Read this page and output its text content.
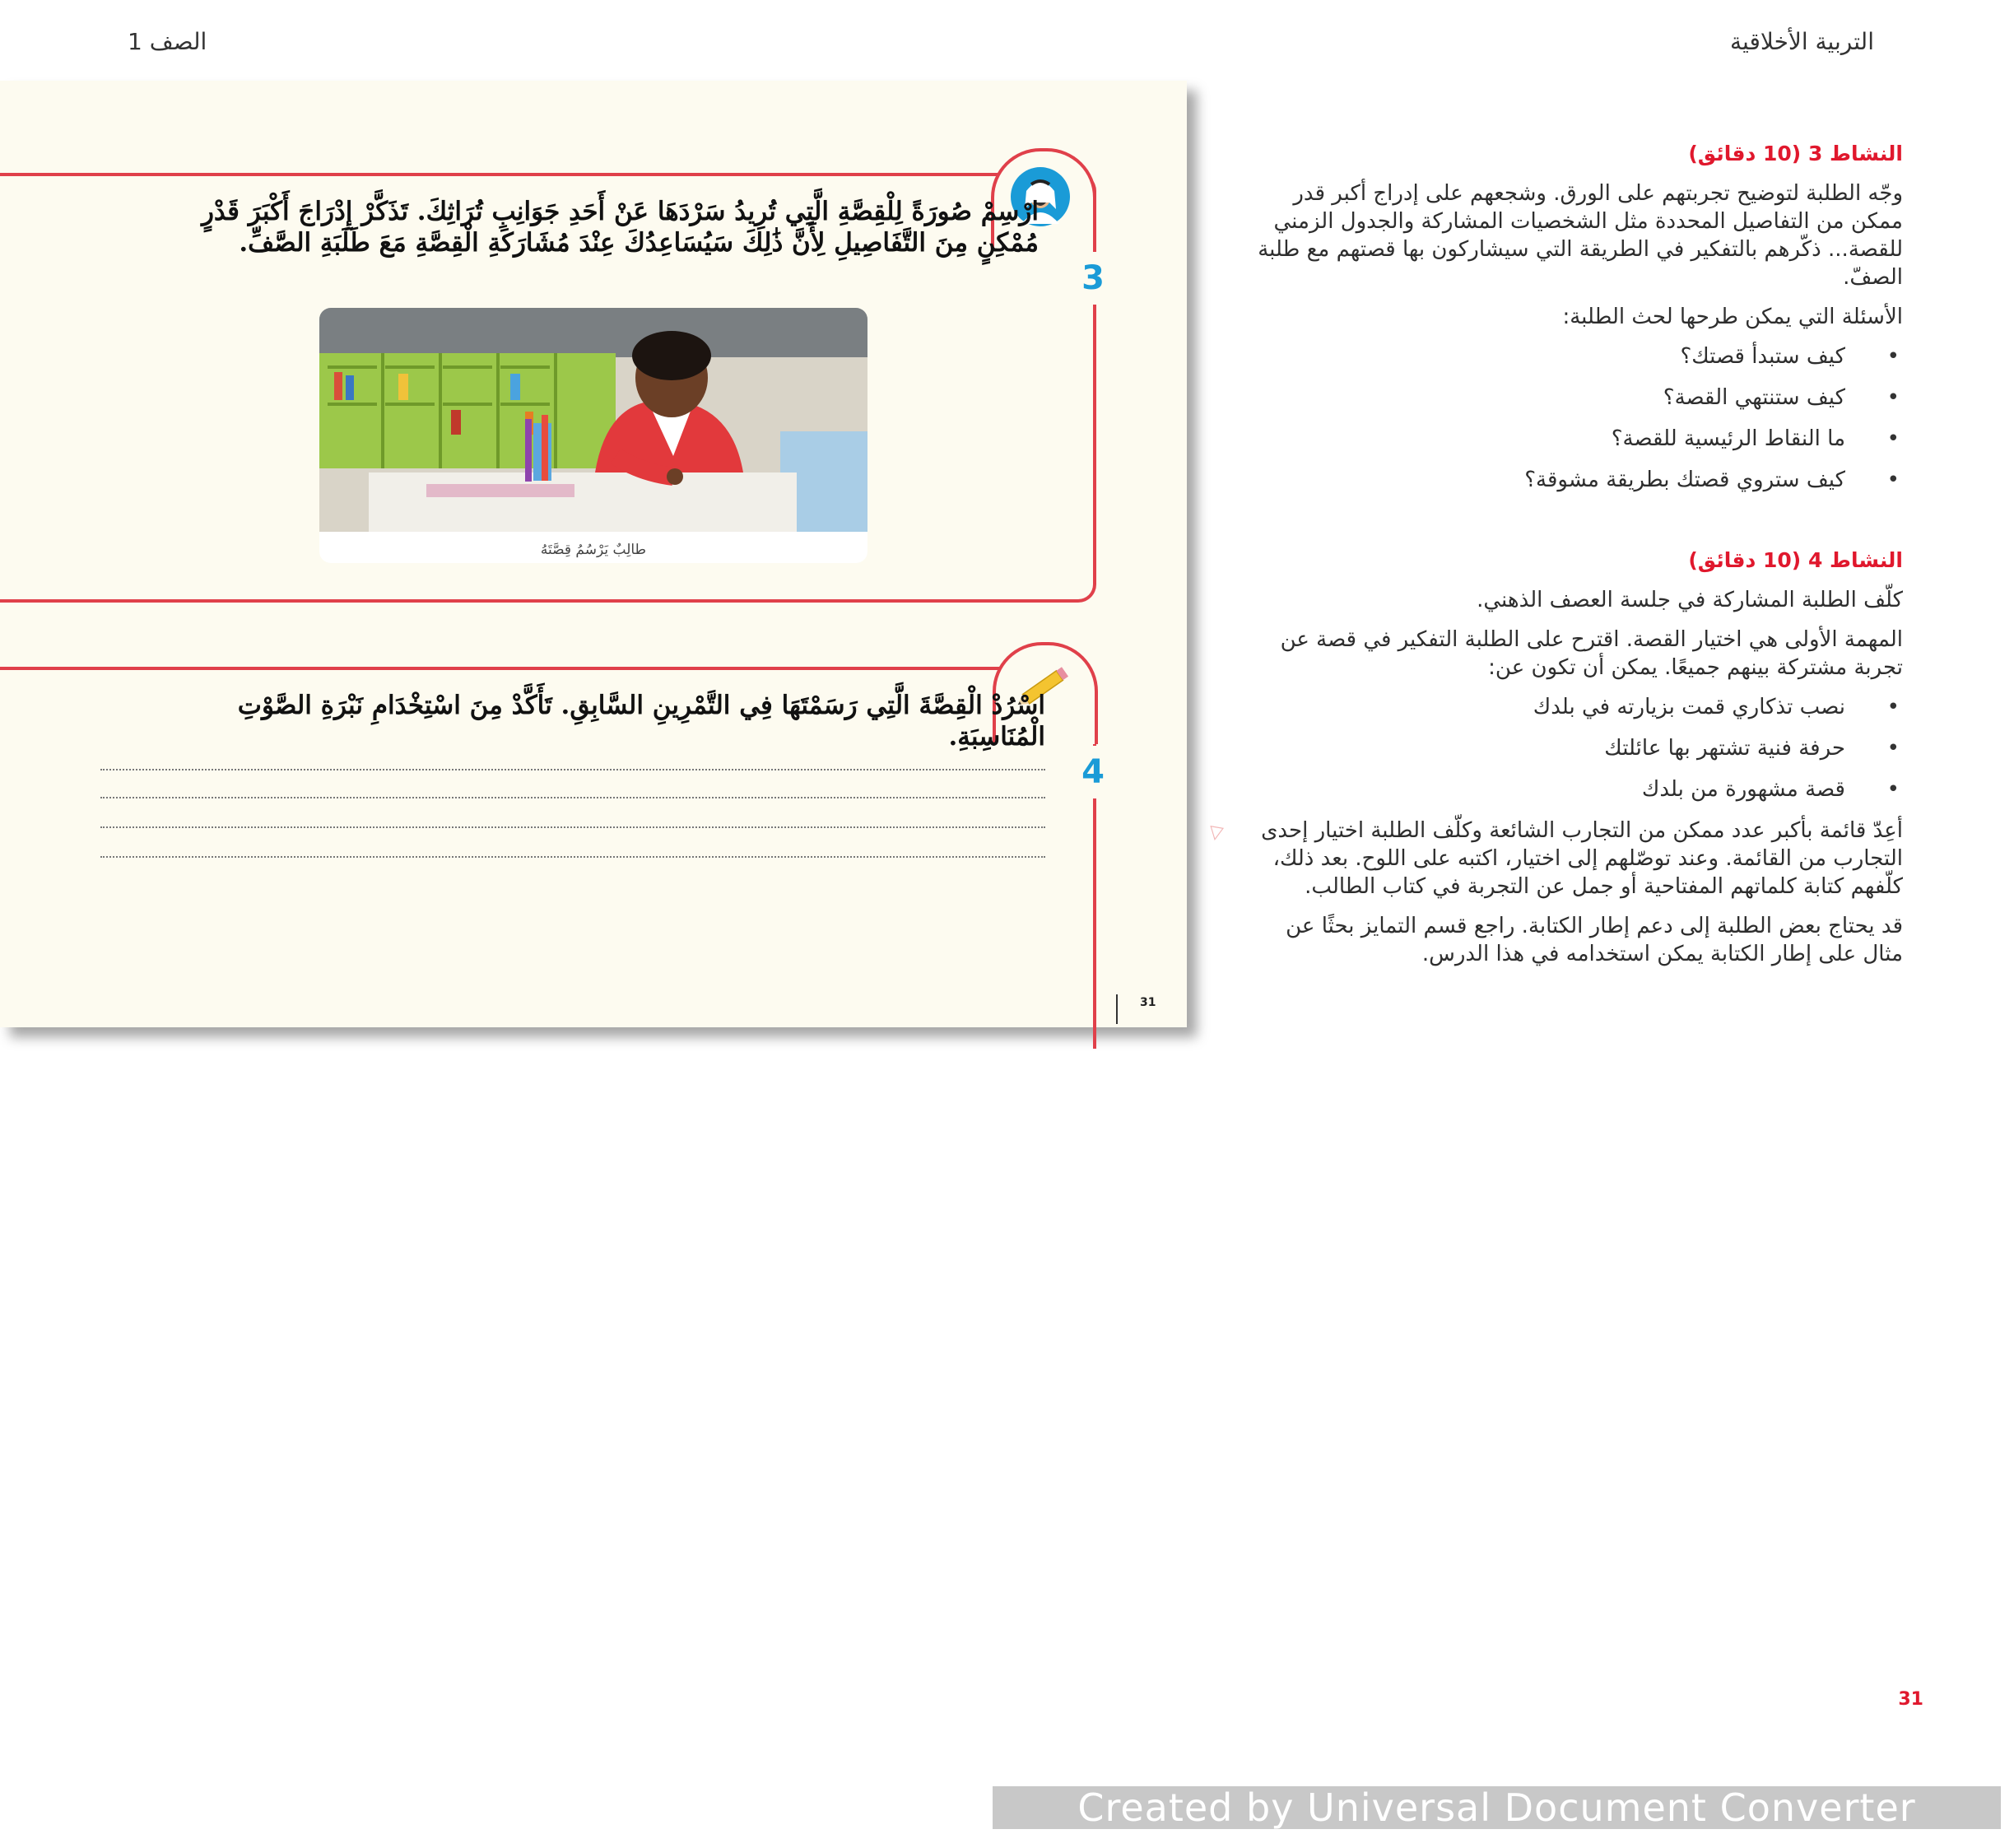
التربية الأخلاقية
الصف 1
3
ارْسِمْ صُورَةً لِلْقِصَّةِ الَّتِي تُرِيدُ سَرْدَهَا عَنْ أَحَدِ جَوَانِبِ تُرَاثِكَ. تَذَكَّرْ إِدْرَاجَ أَكْبَرَ قَدْرٍ مُمْكِنٍ مِنَ التَّفَاصِيلِ لِأَنَّ ذَٰلِكَ سَيُسَاعِدُكَ عِنْدَ مُشَارَكَةِ الْقِصَّةِ مَعَ طَلَبَةِ الصَّفِّ.
طالِبٌ يَرْسُمُ قِصَّتَهُ
4
اسْرُدْ الْقِصَّةَ الَّتِي رَسَمْتَهَا فِي التَّمْرِينِ السَّابِقِ. تَأَكَّدْ مِنَ اسْتِخْدَامِ نَبْرَةِ الصَّوْتِ الْمُنَاسِبَةِ.
31
◁
النشاط 3 (10 دقائق)
وجّه الطلبة لتوضيح تجربتهم على الورق. وشجعهم على إدراج أكبر قدر ممكن من التفاصيل المحددة مثل الشخصيات المشاركة والجدول الزمني للقصة... ذكّرهم بالتفكير في الطريقة التي سيشاركون بها قصتهم مع طلبة الصفّ.
الأسئلة التي يمكن طرحها لحث الطلبة:
• كيف ستبدأ قصتك؟
• كيف ستنتهي القصة؟
• ما النقاط الرئيسية للقصة؟
• كيف ستروي قصتك بطريقة مشوقة؟
النشاط 4 (10 دقائق)
كلّف الطلبة المشاركة في جلسة العصف الذهني.
المهمة الأولى هي اختيار القصة. اقترح على الطلبة التفكير في قصة عن تجربة مشتركة بينهم جميعًا. يمكن أن تكون عن:
• نصب تذكاري قمت بزيارته في بلدك
• حرفة فنية تشتهر بها عائلتك
• قصة مشهورة من بلدك
أعِدّ قائمة بأكبر عدد ممكن من التجارب الشائعة وكلّف الطلبة اختيار إحدى التجارب من القائمة. وعند توصّلهم إلى اختيار، اكتبه على اللوح. بعد ذلك، كلّفهم كتابة كلماتهم المفتاحية أو جمل عن التجربة في كتاب الطالب.
قد يحتاج بعض الطلبة إلى دعم إطار الكتابة. راجع قسم التمايز بحثًا عن مثال على إطار الكتابة يمكن استخدامه في هذا الدرس.
31
Created by Universal Document Converter
